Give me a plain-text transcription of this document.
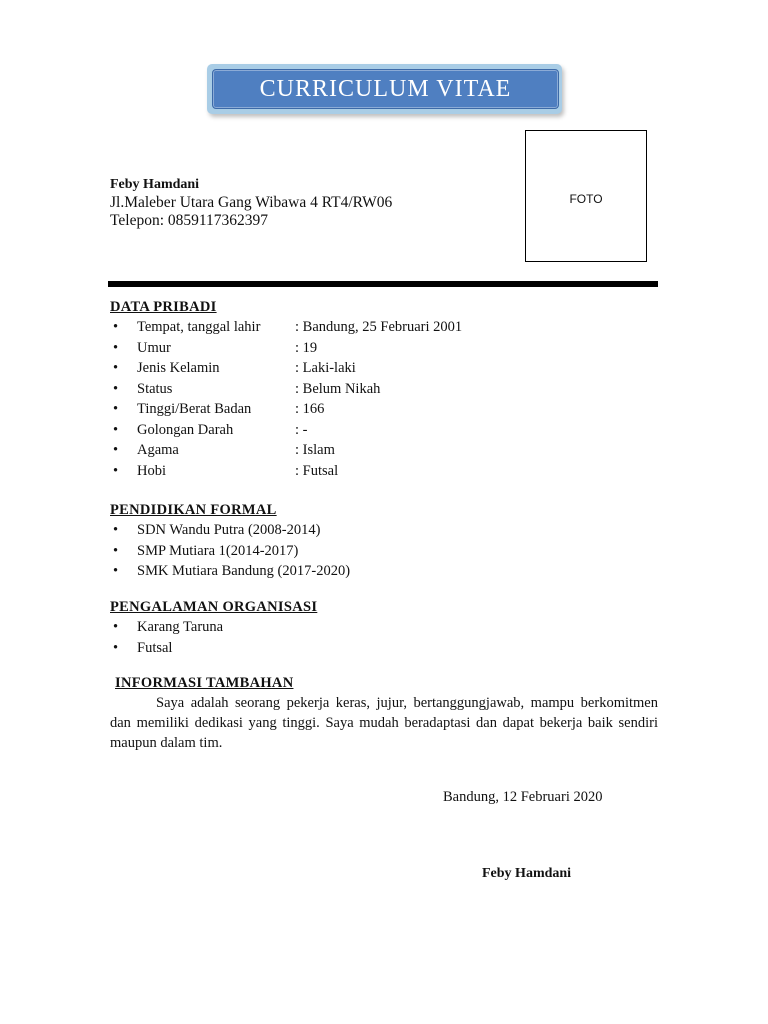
CURRICULUM VITAE
FOTO
Feby Hamdani
Jl.Maleber Utara Gang Wibawa 4 RT4/RW06
Telepon: 0859117362397
DATA PRIBADI
• Tempat, tanggal lahir : Bandung, 25 Februari 2001
• Umur	: 19
• Jenis Kelamin	: Laki-laki
• Status	: Belum Nikah
• Tinggi/Berat Badan	: 166
• Golongan Darah	: -
• Agama	: Islam
• Hobi	: Futsal
PENDIDIKAN FORMAL
• SDN Wandu Putra (2008-2014)
• SMP Mutiara 1(2014-2017)
• SMK Mutiara Bandung (2017-2020)
PENGALAMAN ORGANISASI
• Karang Taruna
• Futsal
INFORMASI TAMBAHAN
Saya adalah seorang pekerja keras, jujur, bertanggungjawab, mampu berkomitmen dan memiliki dedikasi yang tinggi. Saya mudah beradaptasi dan dapat bekerja baik sendiri maupun dalam tim.
Bandung, 12 Februari 2020
Feby Hamdani
